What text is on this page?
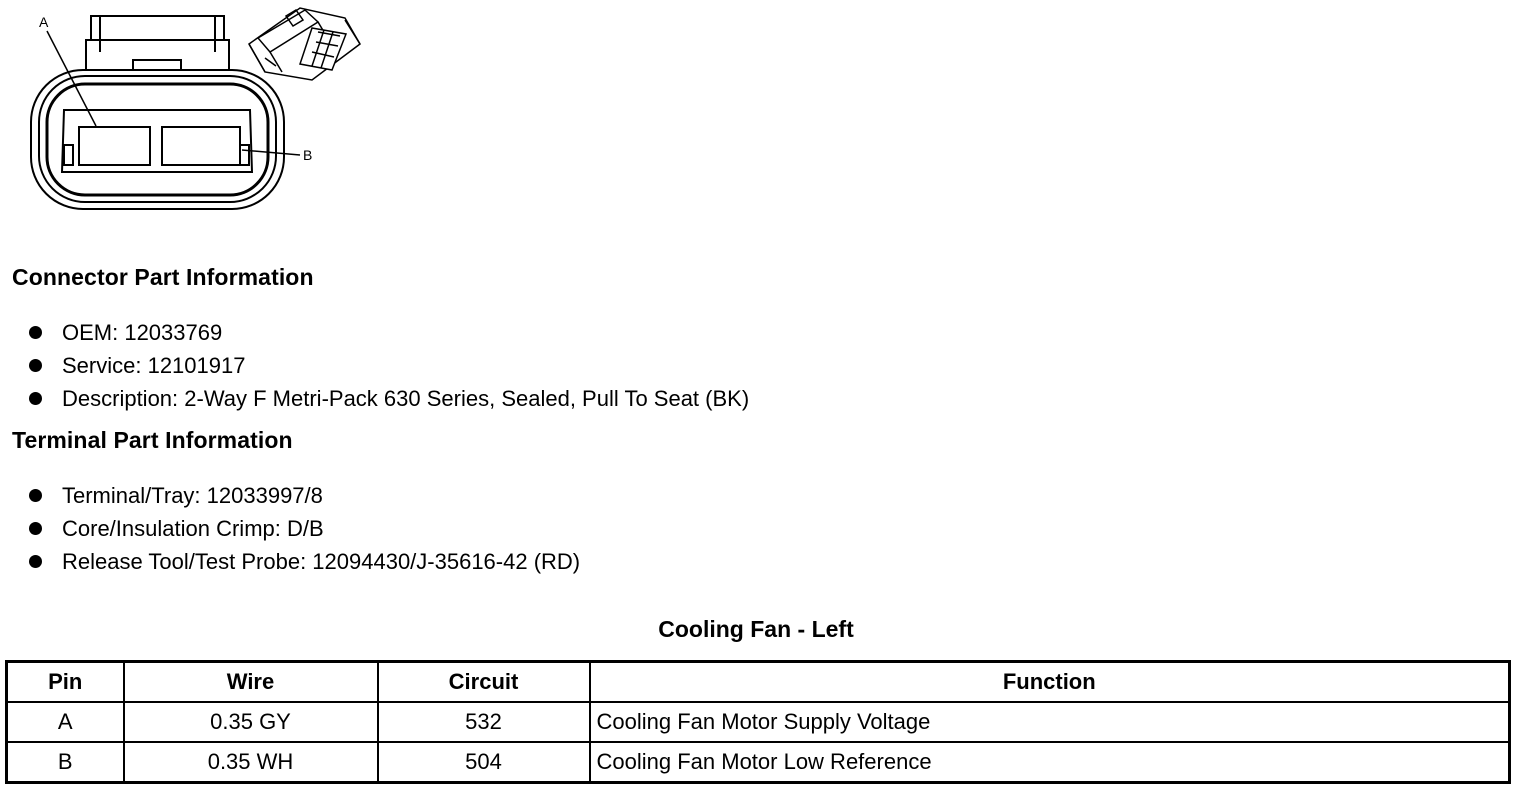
A
B
Connector Part Information
OEM: 12033769
Service: 12101917
Description: 2-Way F Metri-Pack 630 Series, Sealed, Pull To Seat (BK)
Terminal Part Information
Terminal/Tray: 12033997/8
Core/Insulation Crimp: D/B
Release Tool/Test Probe: 12094430/J-35616-42 (RD)
Cooling Fan - Left
Pin	Wire	Circuit	Function
A	0.35 GY	532	Cooling Fan Motor Supply Voltage
B	0.35 WH	504	Cooling Fan Motor Low Reference
